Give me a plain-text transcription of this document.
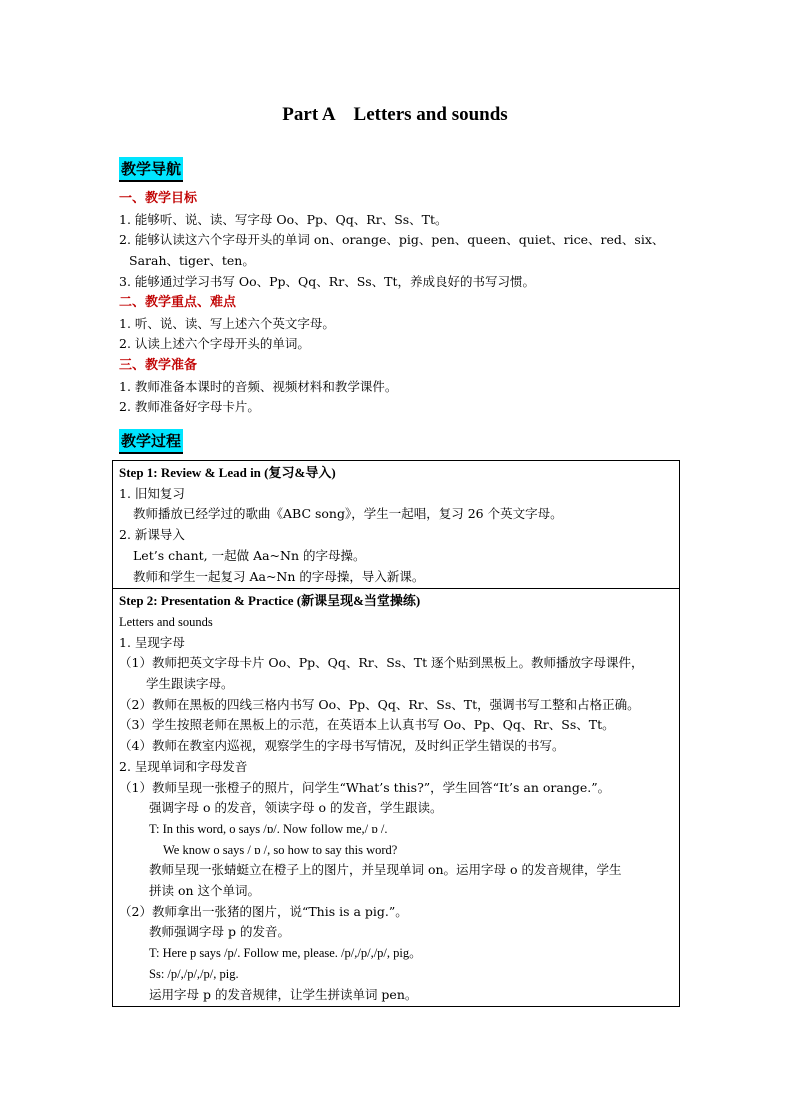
Part A    Letters and sounds
教学导航
一、教学目标
1. 能够听、说、读、写字母 Oo、Pp、Qq、Rr、Ss、Tt。
2. 能够认读这六个字母开头的单词 on、orange、pig、pen、queen、quiet、rice、red、six、
Sarah、tiger、ten。
3. 能够通过学习书写 Oo、Pp、Qq、Rr、Ss、Tt，养成良好的书写习惯。
二、教学重点、难点
1. 听、说、读、写上述六个英文字母。
2. 认读上述六个字母开头的单词。
三、教学准备
1. 教师准备本课时的音频、视频材料和教学课件。
2. 教师准备好字母卡片。
教学过程
Step 1: Review & Lead in (复习&导入)
1. 旧知复习
教师播放已经学过的歌曲《ABC song》，学生一起唱，复习 26 个英文字母。
2. 新课导入
Let’s chant, 一起做 Aa~Nn 的字母操。
教师和学生一起复习 Aa~Nn 的字母操，导入新课。
Step 2: Presentation & Practice (新课呈现&当堂操练)
Letters and sounds
1. 呈现字母
（1）教师把英文字母卡片 Oo、Pp、Qq、Rr、Ss、Tt 逐个贴到黑板上。教师播放字母课件，
学生跟读字母。
（2）教师在黑板的四线三格内书写 Oo、Pp、Qq、Rr、Ss、Tt，强调书写工整和占格正确。
（3）学生按照老师在黑板上的示范，在英语本上认真书写 Oo、Pp、Qq、Rr、Ss、Tt。
（4）教师在教室内巡视，观察学生的字母书写情况，及时纠正学生错误的书写。
2. 呈现单词和字母发音
（1）教师呈现一张橙子的照片，问学生“What’s this?”，学生回答“It’s an orange.”。
强调字母 o 的发音，领读字母 o 的发音，学生跟读。
T: In this word, o says /ɒ/. Now follow me,/ ɒ /.
We know o says / ɒ /, so how to say this word?
教师呈现一张蜻蜓立在橙子上的图片，并呈现单词 on。运用字母 o 的发音规律，学生
拼读 on 这个单词。
（2）教师拿出一张猪的图片，说“This is a pig.”。
教师强调字母 p 的发音。
T: Here p says /p/. Follow me, please. /p/,/p/,/p/, pig。
Ss: /p/,/p/,/p/, pig.
运用字母 p 的发音规律，让学生拼读单词 pen。
